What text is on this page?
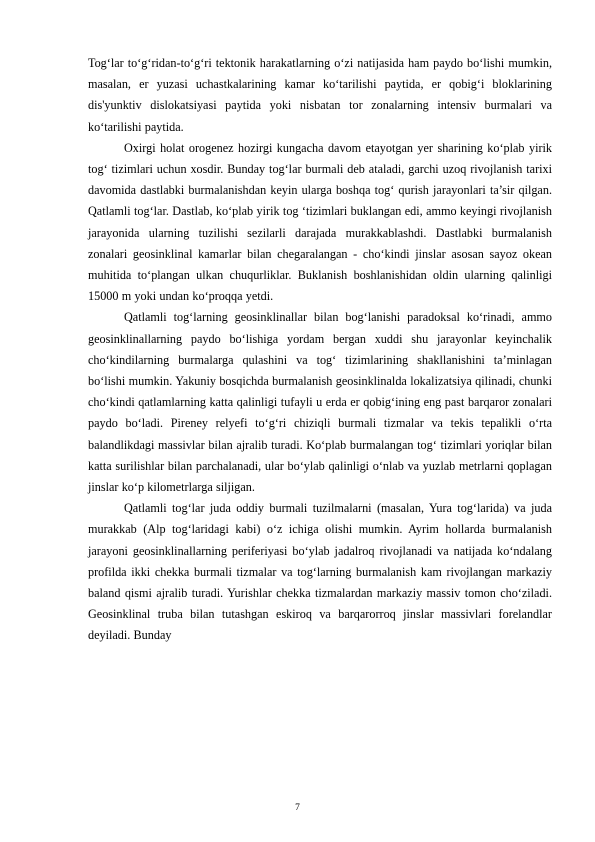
Tog‘lar to‘g‘ridan-to‘g‘ri tektonik harakatlarning o‘zi natijasida ham paydo bo‘lishi mumkin, masalan, er yuzasi uchastkalarining kamar ko‘tarilishi paytida, er qobig‘i bloklarining dis'yunktiv dislokatsiyasi paytida yoki nisbatan tor zonalarning intensiv burmalari va ko‘tarilishi paytida.

Oxirgi holat orogenez hozirgi kungacha davom etayotgan yer sharining ko‘plab yirik tog‘ tizimlari uchun xosdir. Bunday tog‘lar burmali deb ataladi, garchi uzoq rivojlanish tarixi davomida dastlabki burmalanishdan keyin ularga boshqa tog‘ qurish jarayonlari ta’sir qilgan. Qatlamli tog‘lar. Dastlab, ko‘plab yirik tog ‘tizimlari buklangan edi, ammo keyingi rivojlanish jarayonida ularning tuzilishi sezilarli darajada murakkablashdi. Dastlabki burmalanish zonalari geosinklinal kamarlar bilan chegaralangan - cho‘kindi jinslar asosan sayoz okean muhitida to‘plangan ulkan chuqurliklar. Buklanish boshlanishidan oldin ularning qalinligi 15000 m yoki undan ko‘proqqa yetdi.

Qatlamli tog‘larning geosinklinallar bilan bog‘lanishi paradoksal ko‘rinadi, ammo geosinklinallarning paydo bo‘lishiga yordam bergan xuddi shu jarayonlar keyinchalik cho‘kindilarning burmalarga qulashini va tog‘ tizimlarining shakllanishini ta’minlagan bo‘lishi mumkin. Yakuniy bosqichda burmalanish geosinklinalda lokalizatsiya qilinadi, chunki cho‘kindi qatlamlarning katta qalinligi tufayli u erda er qobig‘ining eng past barqaror zonalari paydo bo‘ladi. Pireney relyefi to‘g‘ri chiziqli burmali tizmalar va tekis tepalikli o‘rta balandlikdagi massivlar bilan ajralib turadi. Ko‘plab burmalangan tog‘ tizimlari yoriqlar bilan katta surilishlar bilan parchalanadi, ular bo‘ylab qalinligi o‘nlab va yuzlab metrlarni qoplagan jinslar ko‘p kilometrlarga siljigan.

Qatlamli tog‘lar juda oddiy burmali tuzilmalarni (masalan, Yura tog‘larida) va juda murakkab (Alp tog‘laridagi kabi) o‘z ichiga olishi mumkin. Ayrim hollarda burmalanish jarayoni geosinklinallarning periferiyasi bo‘ylab jadalroq rivojlanadi va natijada ko‘ndalang profilda ikki chekka burmali tizmalar va tog‘larning burmalanish kam rivojlangan markaziy baland qismi ajralib turadi. Yurishlar chekka tizmalardan markaziy massiv tomon cho‘ziladi. Geosinklinal truba bilan tutashgan eskiroq va barqarorroq jinslar massivlari forelandlar deyiladi. Bunday

7
